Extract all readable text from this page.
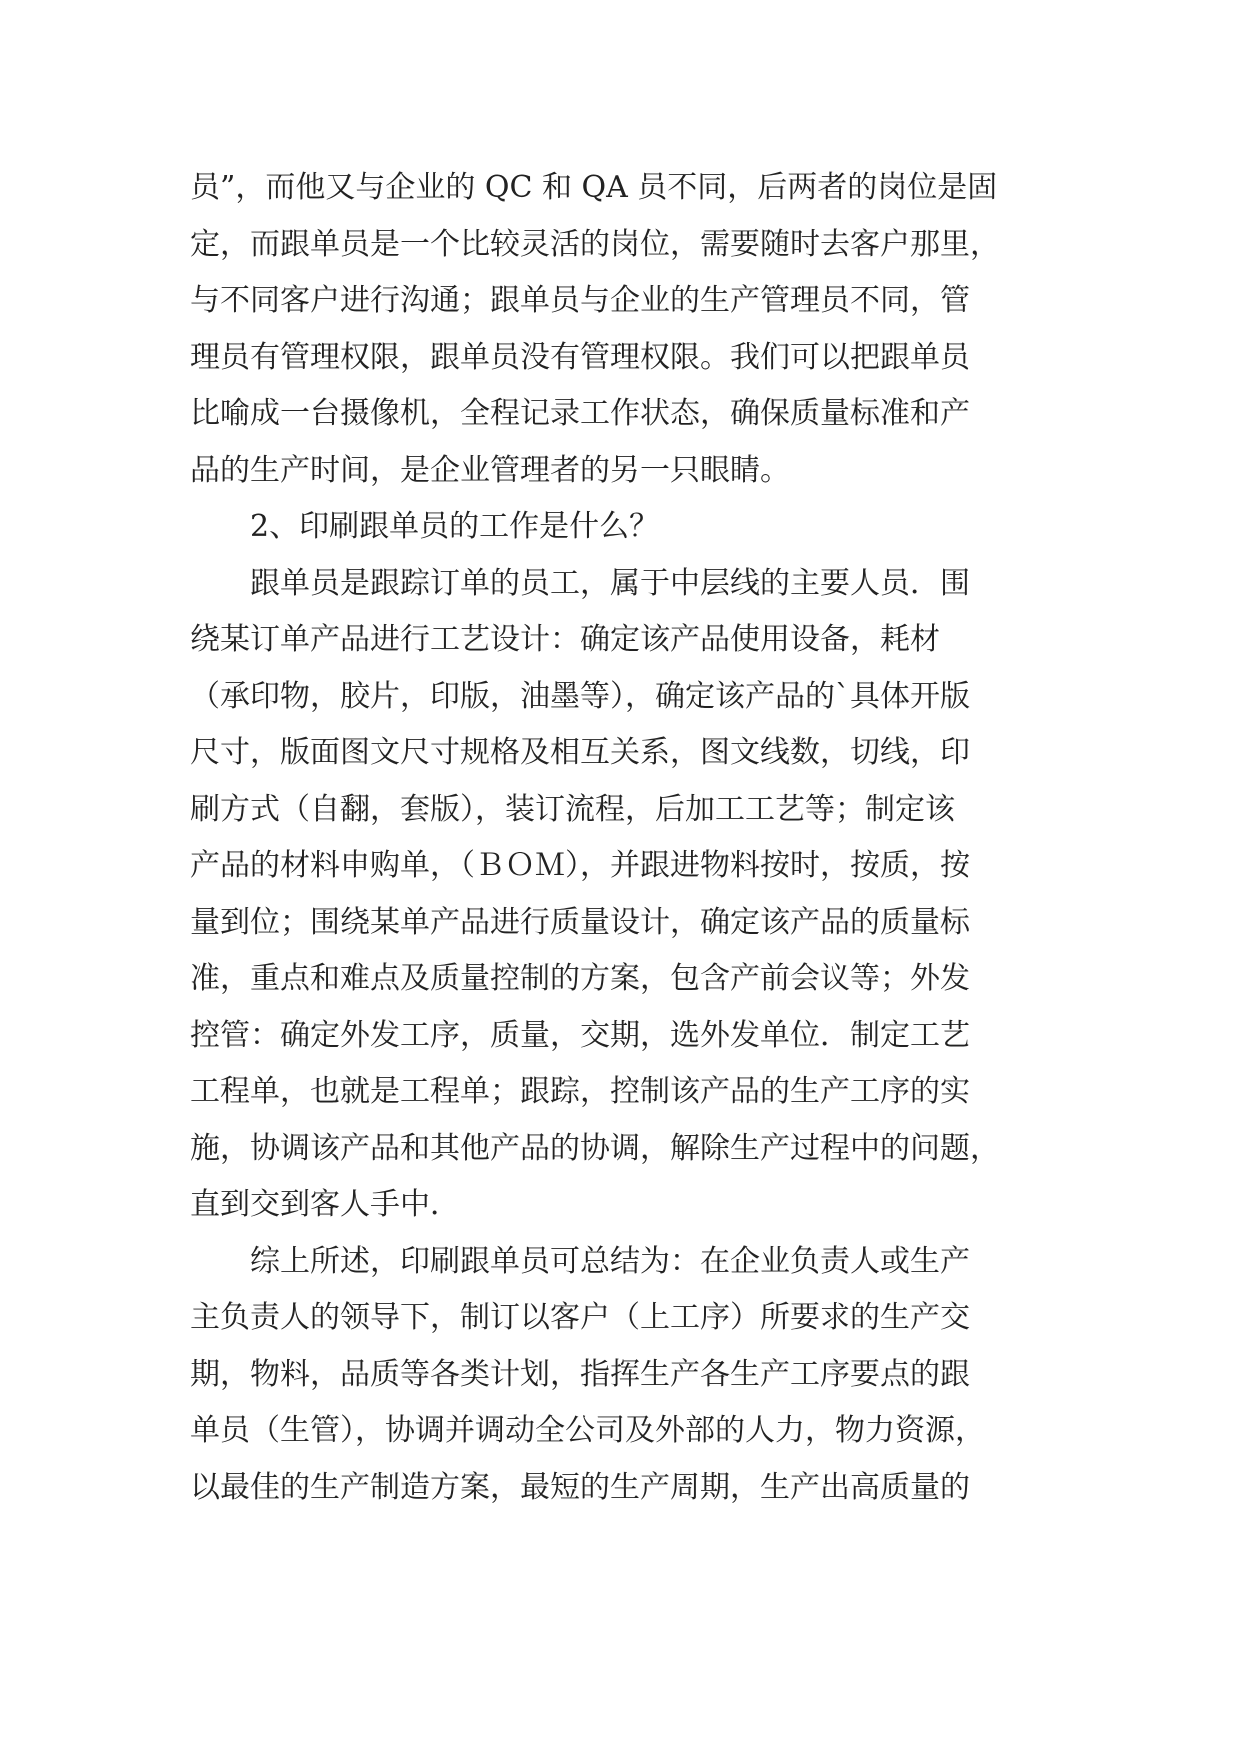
员”，而他又与企业的 QC 和 QA 员不同，后两者的岗位是固
定，而跟单员是一个比较灵活的岗位，需要随时去客户那里，
与不同客户进行沟通；跟单员与企业的生产管理员不同，管
理员有管理权限，跟单员没有管理权限。我们可以把跟单员
比喻成一台摄像机，全程记录工作状态，确保质量标准和产
品的生产时间，是企业管理者的另一只眼睛。
2、印刷跟单员的工作是什么？
跟单员是跟踪订单的员工，属于中层线的主要人员．围
绕某订单产品进行工艺设计：确定该产品使用设备，耗材
（承印物，胶片，印版，油墨等），确定该产品的`具体开版
尺寸，版面图文尺寸规格及相互关系，图文线数，切线，印
刷方式（自翻，套版），装订流程，后加工工艺等；制定该
产品的材料申购单，（ＢＯＭ），并跟进物料按时，按质，按
量到位；围绕某单产品进行质量设计，确定该产品的质量标
准，重点和难点及质量控制的方案，包含产前会议等；外发
控管：确定外发工序，质量，交期，选外发单位．制定工艺
工程单，也就是工程单；跟踪，控制该产品的生产工序的实
施，协调该产品和其他产品的协调，解除生产过程中的问题，
直到交到客人手中．
综上所述，印刷跟单员可总结为：在企业负责人或生产
主负责人的领导下，制订以客户（上工序）所要求的生产交
期，物料，品质等各类计划，指挥生产各生产工序要点的跟
单员（生管），协调并调动全公司及外部的人力，物力资源，
以最佳的生产制造方案，最短的生产周期，生产出高质量的
